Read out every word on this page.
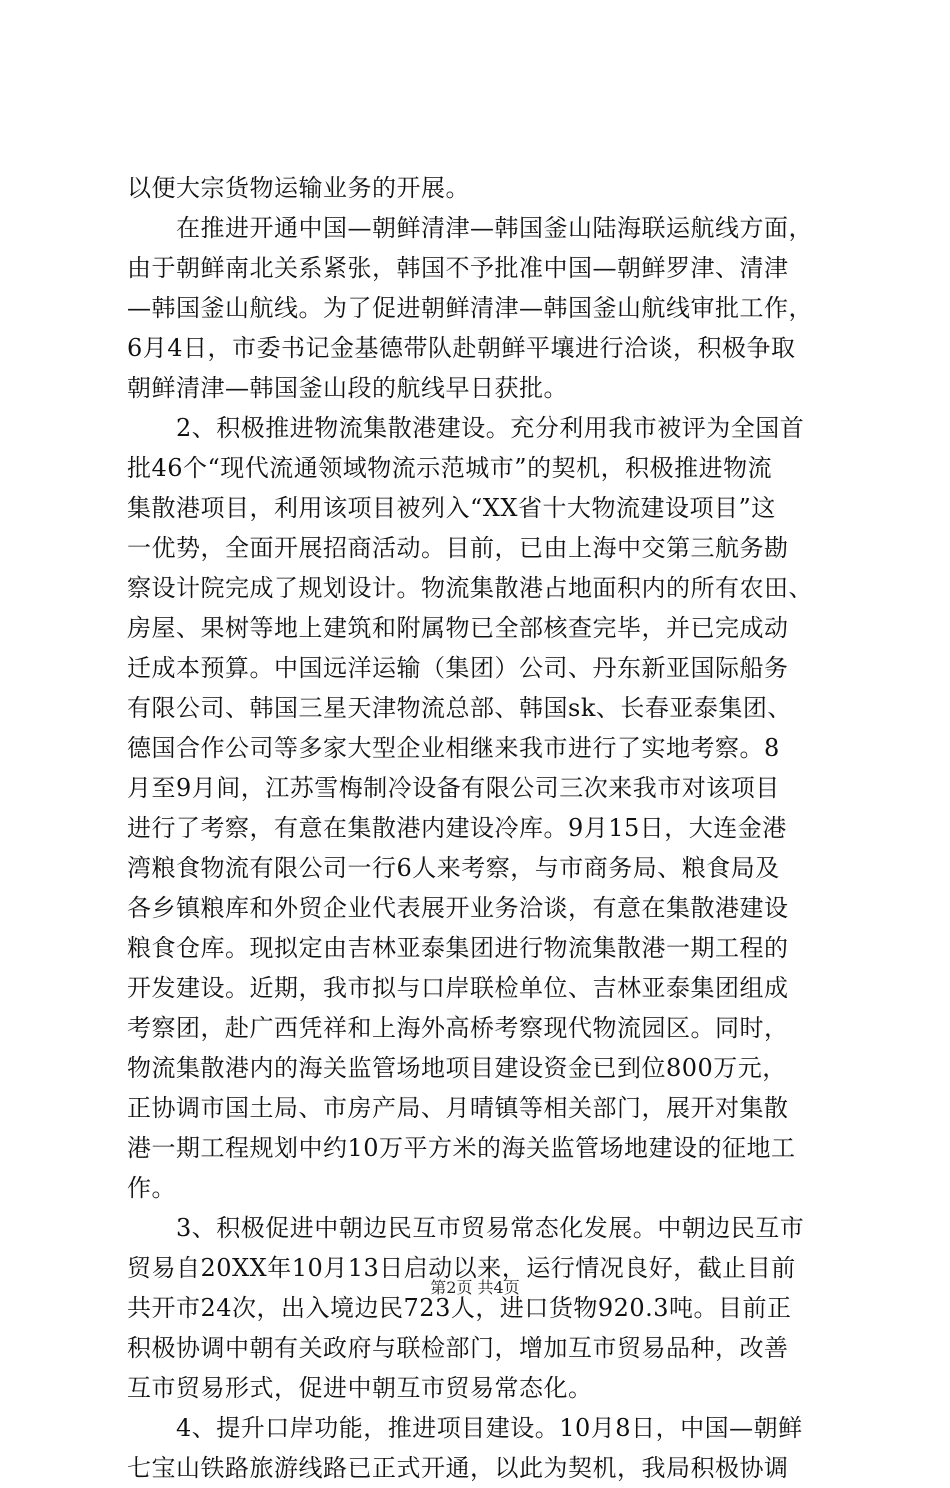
以便大宗货物运输业务的开展。
　　在推进开通中国—朝鲜清津—韩国釜山陆海联运航线方面，
由于朝鲜南北关系紧张，韩国不予批准中国—朝鲜罗津、清津
—韩国釜山航线。为了促进朝鲜清津—韩国釜山航线审批工作，
6月4日，市委书记金基德带队赴朝鲜平壤进行洽谈，积极争取
朝鲜清津—韩国釜山段的航线早日获批。
　　2、积极推进物流集散港建设。充分利用我市被评为全国首
批46个“现代流通领域物流示范城市”的契机，积极推进物流
集散港项目，利用该项目被列入“XX省十大物流建设项目”这
一优势，全面开展招商活动。目前，已由上海中交第三航务勘
察设计院完成了规划设计。物流集散港占地面积内的所有农田、
房屋、果树等地上建筑和附属物已全部核查完毕，并已完成动
迁成本预算。中国远洋运输（集团）公司、丹东新亚国际船务
有限公司、韩国三星天津物流总部、韩国sk、长春亚泰集团、
德国合作公司等多家大型企业相继来我市进行了实地考察。8
月至9月间，江苏雪梅制冷设备有限公司三次来我市对该项目
进行了考察，有意在集散港内建设冷库。9月15日，大连金港
湾粮食物流有限公司一行6人来考察，与市商务局、粮食局及
各乡镇粮库和外贸企业代表展开业务洽谈，有意在集散港建设
粮食仓库。现拟定由吉林亚泰集团进行物流集散港一期工程的
开发建设。近期，我市拟与口岸联检单位、吉林亚泰集团组成
考察团，赴广西凭祥和上海外高桥考察现代物流园区。同时，
物流集散港内的海关监管场地项目建设资金已到位800万元，
正协调市国土局、市房产局、月晴镇等相关部门，展开对集散
港一期工程规划中约10万平方米的海关监管场地建设的征地工
作。
　　3、积极促进中朝边民互市贸易常态化发展。中朝边民互市
贸易自20XX年10月13日启动以来，运行情况良好，截止目前
共开市24次，出入境边民723人，进口货物920.3吨。目前正
积极协调中朝有关政府与联检部门，增加互市贸易品种，改善
互市贸易形式，促进中朝互市贸易常态化。
　　4、提升口岸功能，推进项目建设。10月8日，中国—朝鲜
七宝山铁路旅游线路已正式开通，以此为契机，我局积极协调
第2页 共4页
